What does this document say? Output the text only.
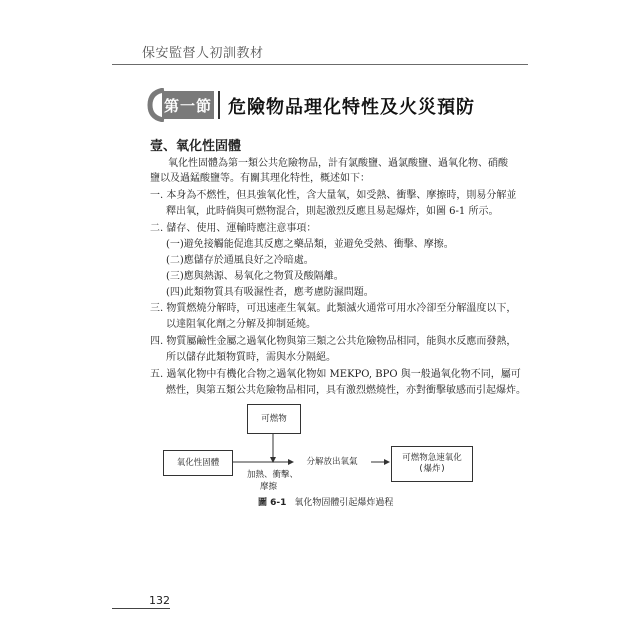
保安監督人初訓教材
第一節 危險物品理化特性及火災預防
壹、氧化性固體
氧化性固體為第一類公共危險物品，計有氯酸鹽、過氯酸鹽、過氧化物、硝酸
鹽以及過錳酸鹽等。有關其理化特性，概述如下：
一. 本身為不燃性，但具強氧化性，含大量氧，如受熱、衝擊、摩擦時，則易分解並
釋出氧，此時倘與可燃物混合，則起激烈反應且易起爆炸，如圖 6-1 所示。
二. 儲存、使用、運輸時應注意事項：
(一)避免接觸能促進其反應之藥品類，並避免受熱、衝擊、摩擦。
(二)應儲存於通風良好之冷暗處。
(三)應與熱源、易氧化之物質及酸隔離。
(四)此類物質具有吸濕性者，應考慮防濕問題。
三. 物質燃燒分解時，可迅速產生氧氣。此類滅火通常可用水冷卻至分解溫度以下，
以達阻氧化劑之分解及抑制延燒。
四. 物質屬鹼性金屬之過氧化物與第三類之公共危險物品相同，能與水反應而發熱，
所以儲存此類物質時，需與水分隔絕。
五. 過氧化物中有機化合物之過氧化物如 MEKPO, BPO 與一般過氧化物不同，屬可
燃性，與第五類公共危險物品相同，具有激烈燃燒性，亦對衝擊敏感而引起爆炸。
可燃物
氧化性固體	分解放出氧氣	可燃物急速氧化
(爆炸)
加熱、衝擊、
摩擦
圖 6-1 氧化物固體引起爆炸過程
132
